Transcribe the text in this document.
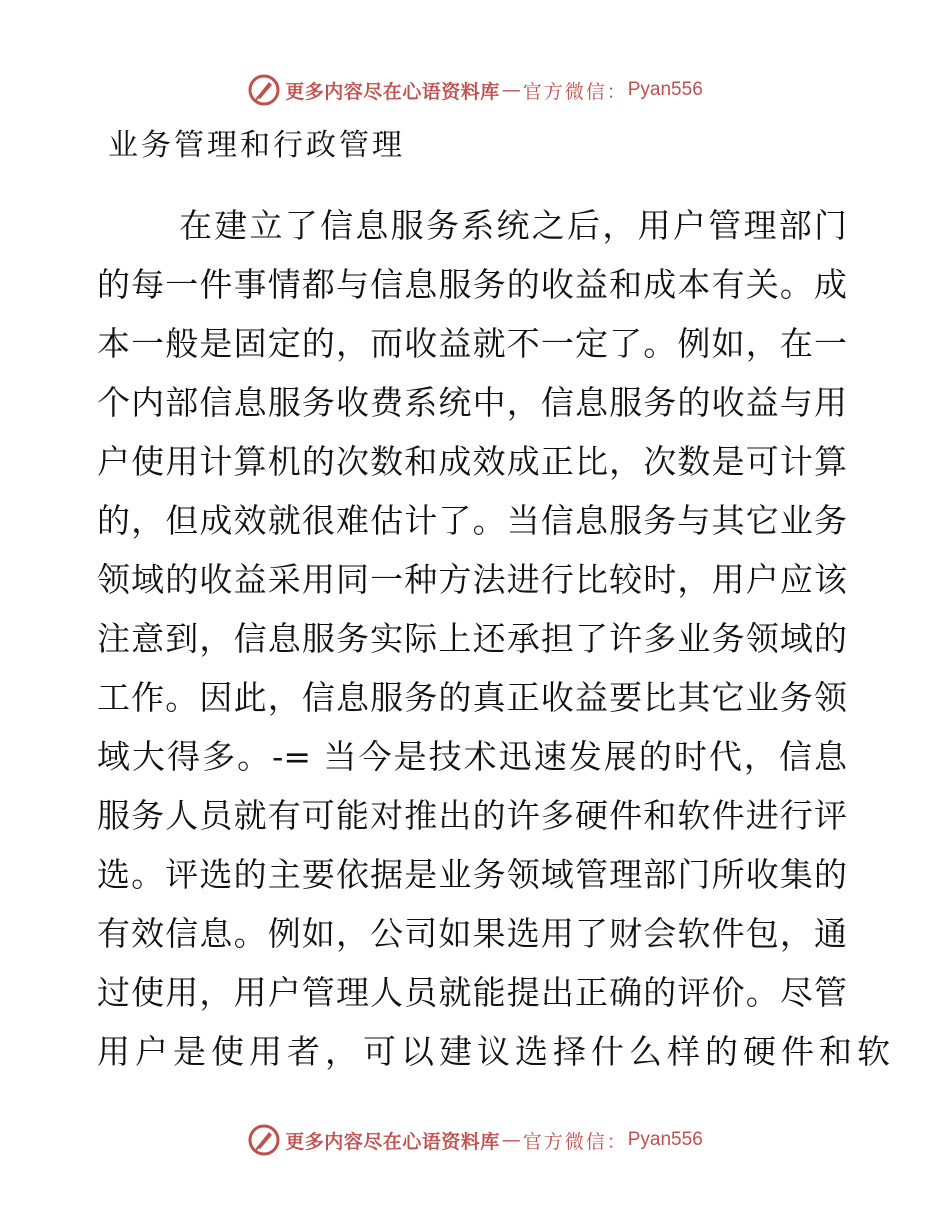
更多内容尽在心语资料库 — 官方微信： Pyan556
业务管理和行政管理
在建立了信息服务系统之后，用户管理部门
的每一件事情都与信息服务的收益和成本有关。成
本一般是固定的，而收益就不一定了。例如，在一
个内部信息服务收费系统中，信息服务的收益与用
户使用计算机的次数和成效成正比，次数是可计算
的，但成效就很难估计了。当信息服务与其它业务
领域的收益采用同一种方法进行比较时，用户应该
注意到，信息服务实际上还承担了许多业务领域的
工作。因此，信息服务的真正收益要比其它业务领
域大得多。-= 当今是技术迅速发展的时代，信息
服务人员就有可能对推出的许多硬件和软件进行评
选。评选的主要依据是业务领域管理部门所收集的
有效信息。例如，公司如果选用了财会软件包，通
过使用，用户管理人员就能提出正确的评价。尽管
用户是使用者，可以建议选择什么样的硬件和软
更多内容尽在心语资料库 — 官方微信： Pyan556
